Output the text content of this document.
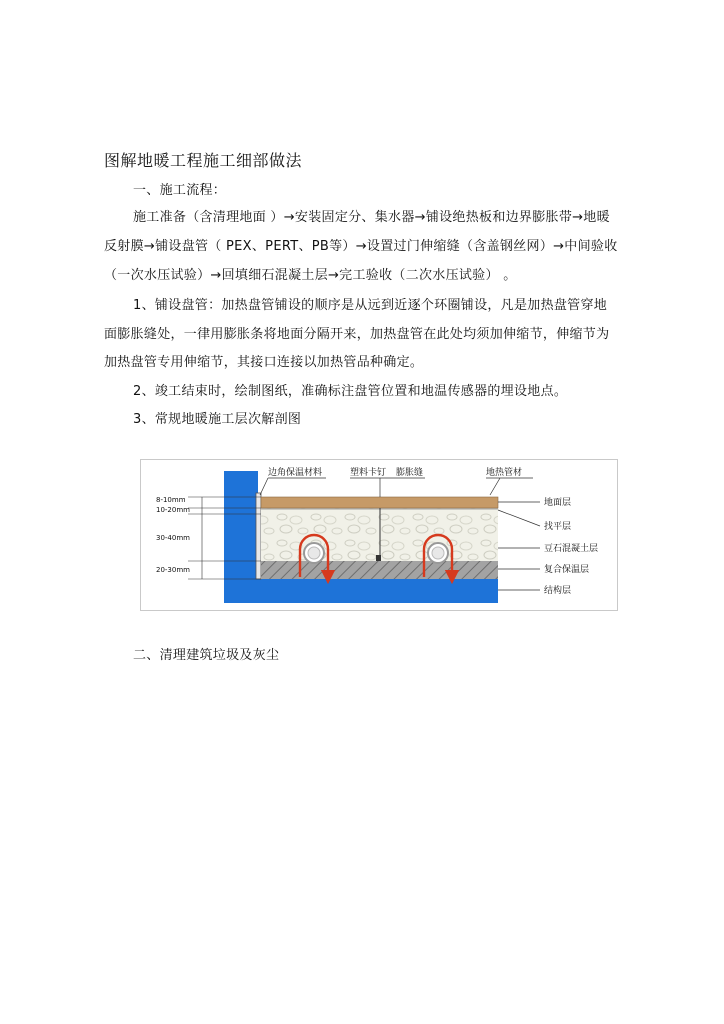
图解地暖工程施工细部做法
一、施工流程：
施工准备（含清理地面 ）→安装固定分、集水器→铺设绝热板和边界膨胀带→地暖
反射膜→铺设盘管（ PEX、PERT、PB等）→设置过门伸缩缝（含盖钢丝网）→中间验收
（一次水压试验）→回填细石混凝土层→完工验收（二次水压试验） 。
1、铺设盘管：加热盘管铺设的顺序是从远到近逐个环圈铺设，凡是加热盘管穿地
面膨胀缝处，一律用膨胀条将地面分隔开来，加热盘管在此处均须加伸缩节，伸缩节为
加热盘管专用伸缩节，其接口连接以加热管品种确定。
2、竣工结束时，绘制图纸，准确标注盘管位置和地温传感器的埋设地点。
3、常规地暖施工层次解剖图
边角保温材料	塑料卡钉 膨胀缝	地热管材
8-10mm
10-20mm
30-40mm
20-30mm
地面层
找平层
豆石混凝土层
复合保温层
结构层
二、清理建筑垃圾及灰尘
